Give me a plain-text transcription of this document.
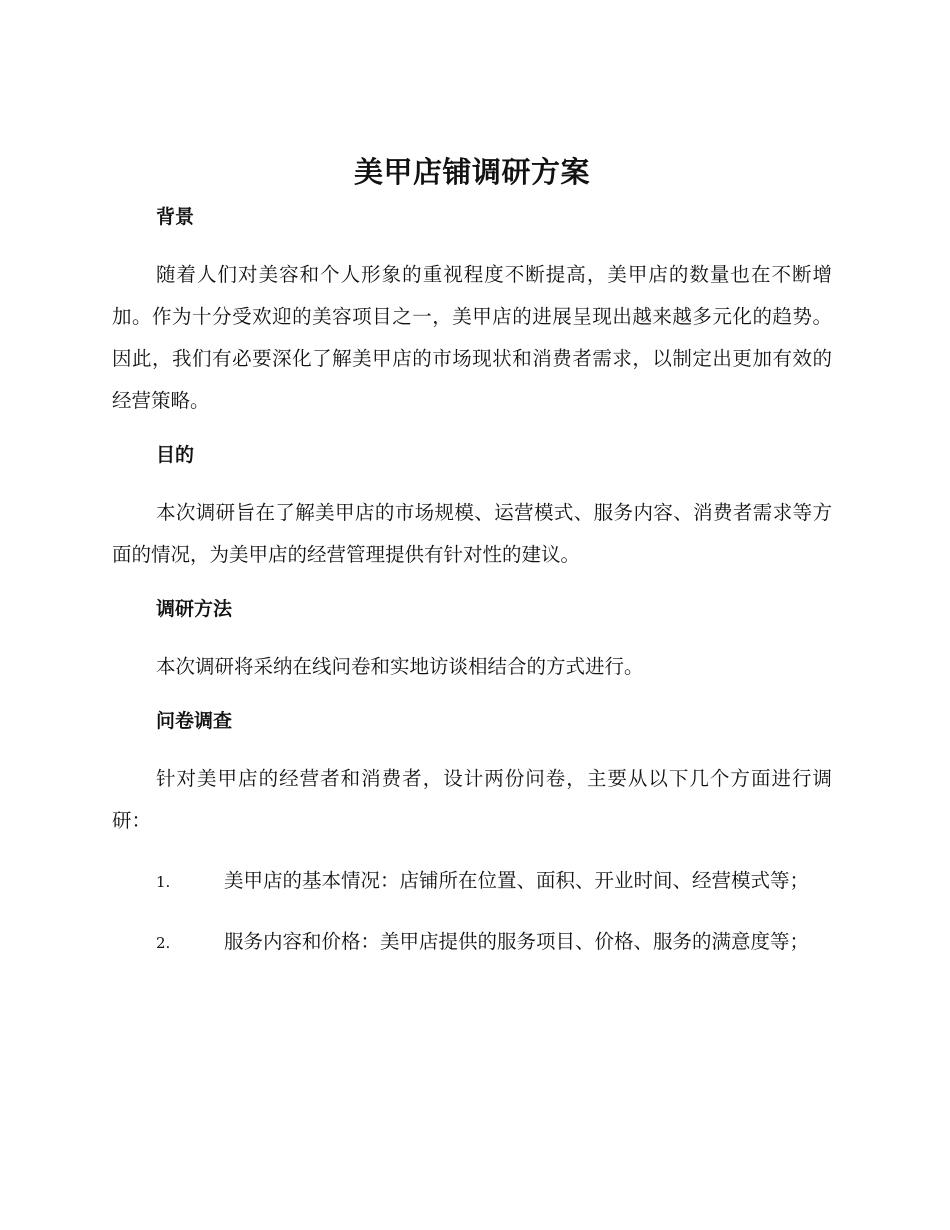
美甲店铺调研方案
背景

随着人们对美容和个人形象的重视程度不断提高，美甲店的数量也在不断增加。作为十分受欢迎的美容项目之一，美甲店的进展呈现出越来越多元化的趋势。因此，我们有必要深化了解美甲店的市场现状和消费者需求，以制定出更加有效的经营策略。

目的

本次调研旨在了解美甲店的市场规模、运营模式、服务内容、消费者需求等方面的情况，为美甲店的经营管理提供有针对性的建议。

调研方法

本次调研将采纳在线问卷和实地访谈相结合的方式进行。

问卷调查

针对美甲店的经营者和消费者，设计两份问卷，主要从以下几个方面进行调研：

1.	美甲店的基本情况：店铺所在位置、面积、开业时间、经营模式等；

2.	服务内容和价格：美甲店提供的服务项目、价格、服务的满意度等；
